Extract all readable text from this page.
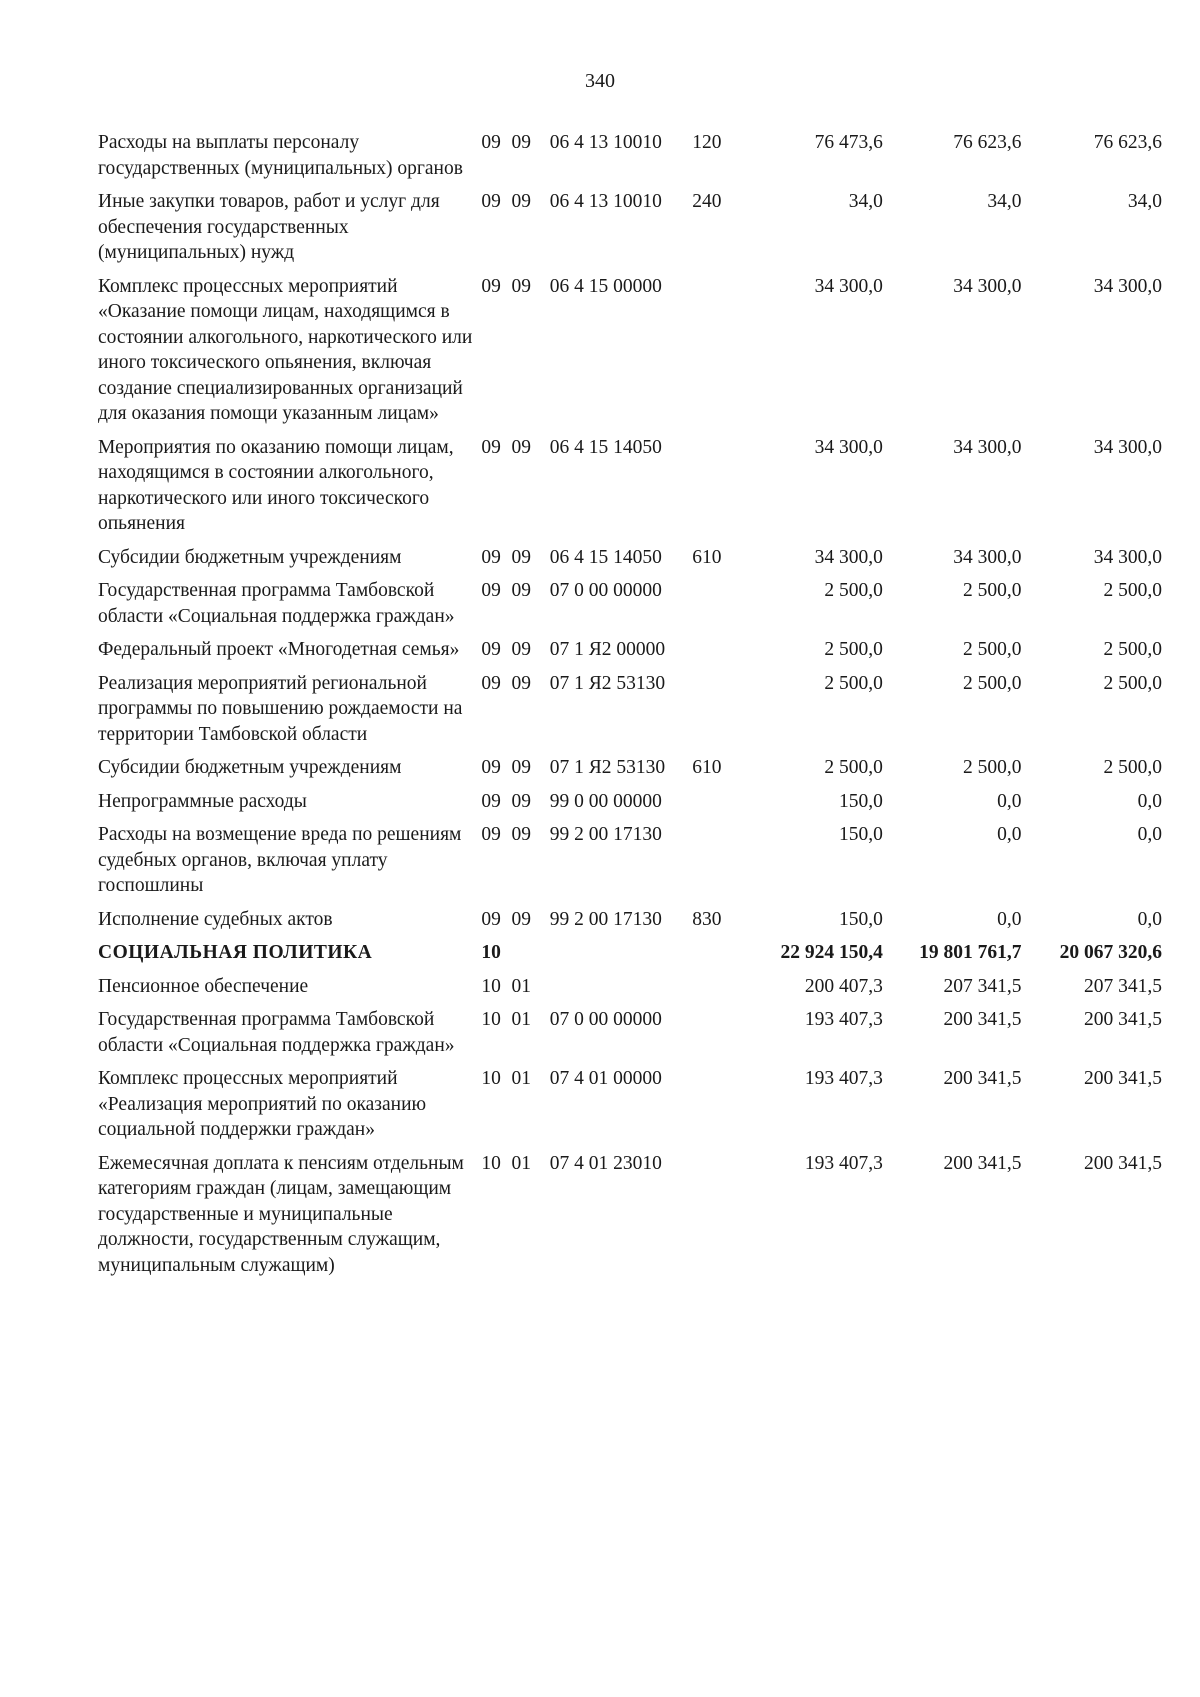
340
Расходы на выплаты персоналу государственных (муниципальных) органов	09	09	06 4 13 10010	120	76 473,6	76 623,6	76 623,6
Иные закупки товаров, работ и услуг для обеспечения государственных (муниципальных) нужд	09	09	06 4 13 10010	240	34,0	34,0	34,0
Комплекс процессных мероприятий «Оказание помощи лицам, находящимся в состоянии алкогольного, наркотического или иного токсического опьянения, включая создание специализированных организаций для оказания помощи указанным лицам»	09	09	06 4 15 00000		34 300,0	34 300,0	34 300,0
Мероприятия по оказанию помощи лицам, находящимся в состоянии алкогольного, наркотического или иного токсического опьянения	09	09	06 4 15 14050		34 300,0	34 300,0	34 300,0
Субсидии бюджетным учреждениям	09	09	06 4 15 14050	610	34 300,0	34 300,0	34 300,0
Государственная программа Тамбовской области «Социальная поддержка граждан»	09	09	07 0 00 00000		2 500,0	2 500,0	2 500,0
Федеральный проект «Многодетная семья»	09	09	07 1 Я2 00000		2 500,0	2 500,0	2 500,0
Реализация мероприятий региональной программы по повышению рождаемости на территории Тамбовской области	09	09	07 1 Я2 53130		2 500,0	2 500,0	2 500,0
Субсидии бюджетным учреждениям	09	09	07 1 Я2 53130	610	2 500,0	2 500,0	2 500,0
Непрограммные расходы	09	09	99 0 00 00000		150,0	0,0	0,0
Расходы на возмещение вреда по решениям судебных органов, включая уплату госпошлины	09	09	99 2 00 17130		150,0	0,0	0,0
Исполнение судебных актов	09	09	99 2 00 17130	830	150,0	0,0	0,0
СОЦИАЛЬНАЯ ПОЛИТИКА	10				22 924 150,4	19 801 761,7	20 067 320,6
Пенсионное обеспечение	10	01			200 407,3	207 341,5	207 341,5
Государственная программа Тамбовской области «Социальная поддержка граждан»	10	01	07 0 00 00000		193 407,3	200 341,5	200 341,5
Комплекс процессных мероприятий «Реализация мероприятий по оказанию социальной поддержки граждан»	10	01	07 4 01 00000		193 407,3	200 341,5	200 341,5
Ежемесячная доплата к пенсиям отдельным категориям граждан (лицам, замещающим государственные и муниципальные должности, государственным служащим, муниципальным служащим)	10	01	07 4 01 23010		193 407,3	200 341,5	200 341,5
